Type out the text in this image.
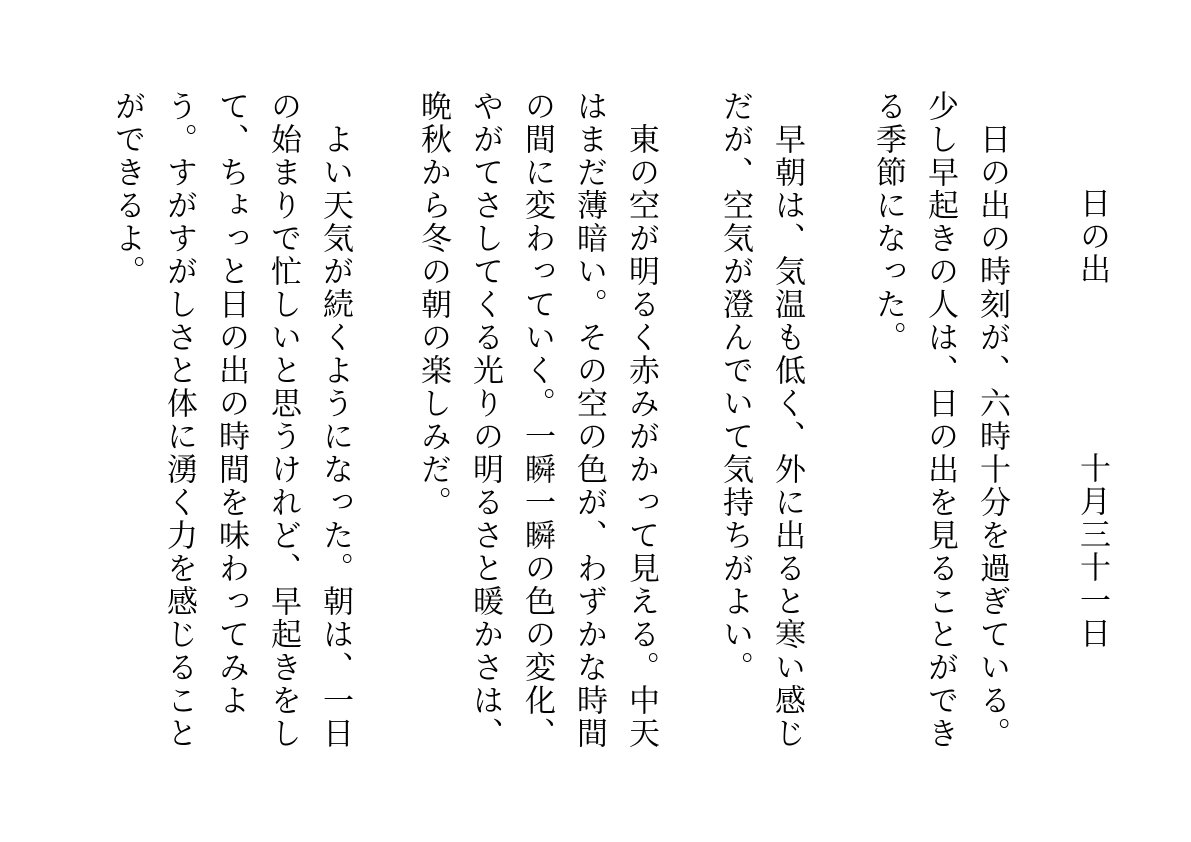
日の出
十月三十一日
　日の出の時刻が、六時十分を過ぎている。少し早起きの人は、日の出を見ることができる季節になった。
　早朝は、気温も低く、外に出ると寒い感じだが、空気が澄んでいて気持ちがよい。
　東の空が明るく赤みがかって見える。中天はまだ薄暗い。その空の色が、わずかな時間の間に変わっていく。一瞬一瞬の色の変化、やがてさしてくる光りの明るさと暖かさは、晩秋から冬の朝の楽しみだ。
　よい天気が続くようになった。朝は、一日の始まりで忙しいと思うけれど、早起きをして、ちょっと日の出の時間を味わってみよう。すがすがしさと体に湧く力を感じることができるよ。
